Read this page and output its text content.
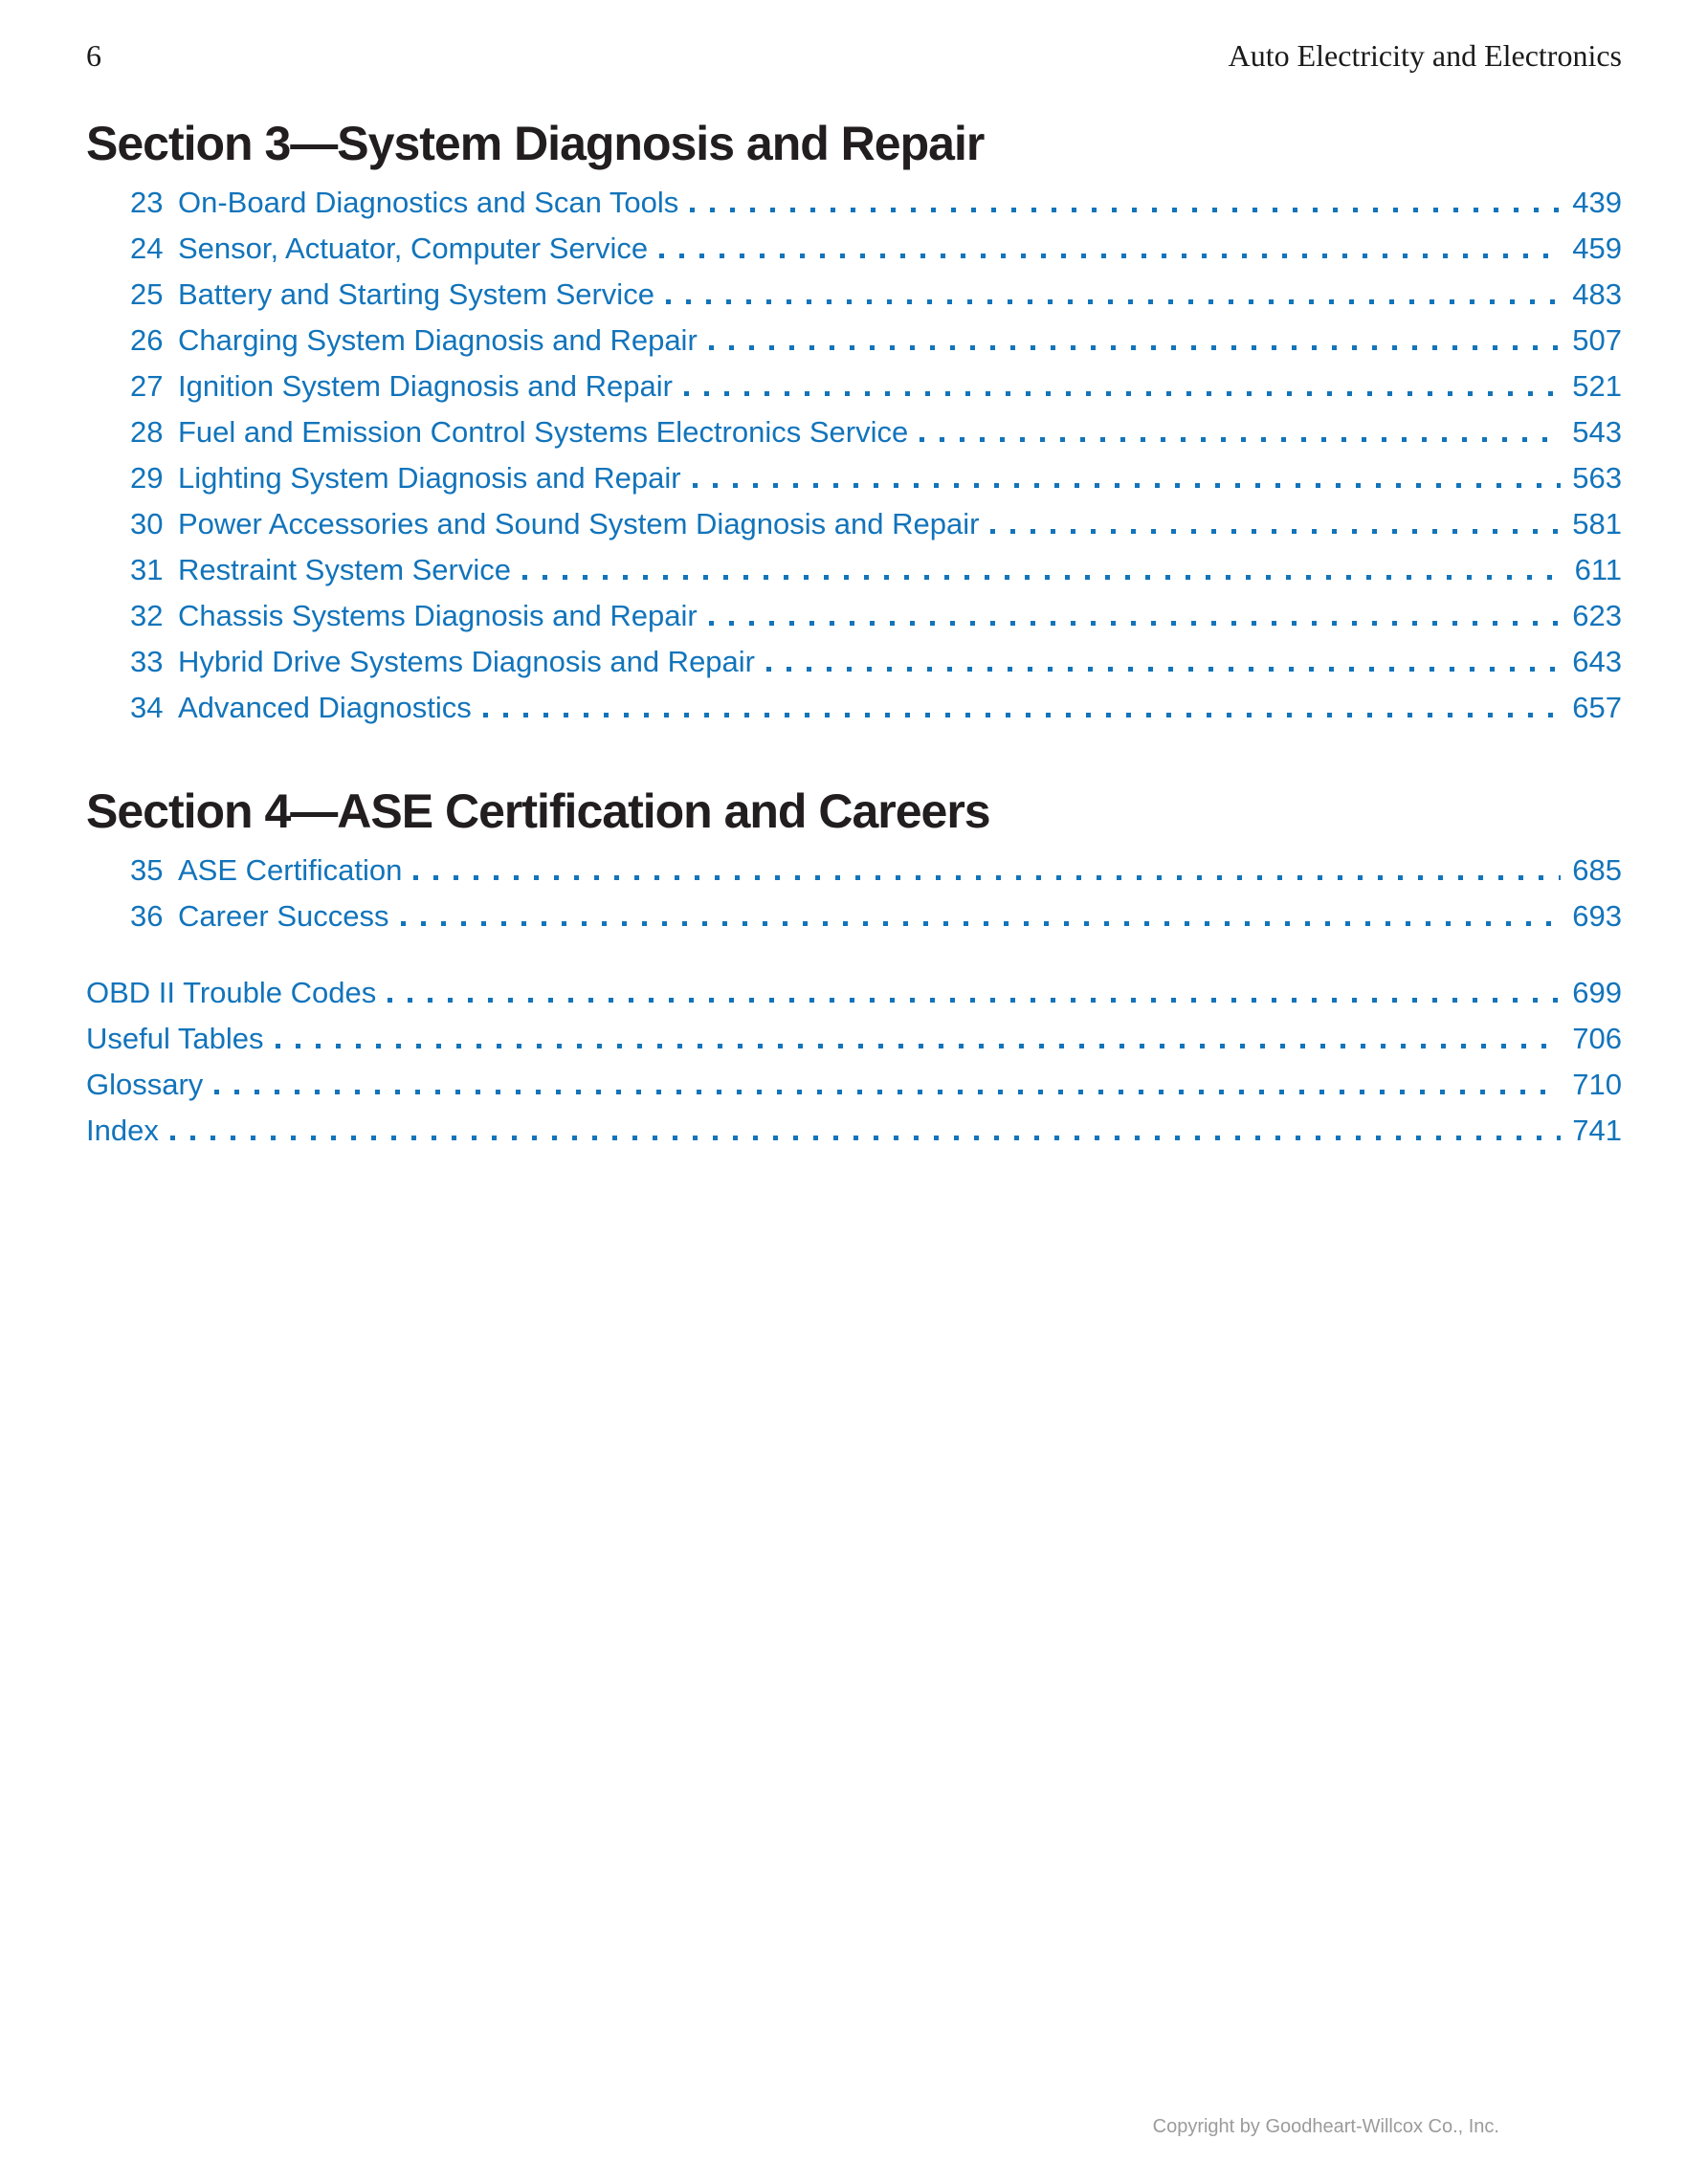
6	Auto Electricity and Electronics
Section 3—System Diagnosis and Repair
23 On-Board Diagnostics and Scan Tools	439
24 Sensor, Actuator, Computer Service	459
25 Battery and Starting System Service	483
26 Charging System Diagnosis and Repair	507
27 Ignition System Diagnosis and Repair	521
28 Fuel and Emission Control Systems Electronics Service	543
29 Lighting System Diagnosis and Repair	563
30 Power Accessories and Sound System Diagnosis and Repair	581
31 Restraint System Service	611
32 Chassis Systems Diagnosis and Repair	623
33 Hybrid Drive Systems Diagnosis and Repair	643
34 Advanced Diagnostics	657
Section 4—ASE Certification and Careers
35 ASE Certification	685
36 Career Success	693
OBD II Trouble Codes	699
Useful Tables	706
Glossary	710
Index	741
Copyright by Goodheart-Willcox Co., Inc.
